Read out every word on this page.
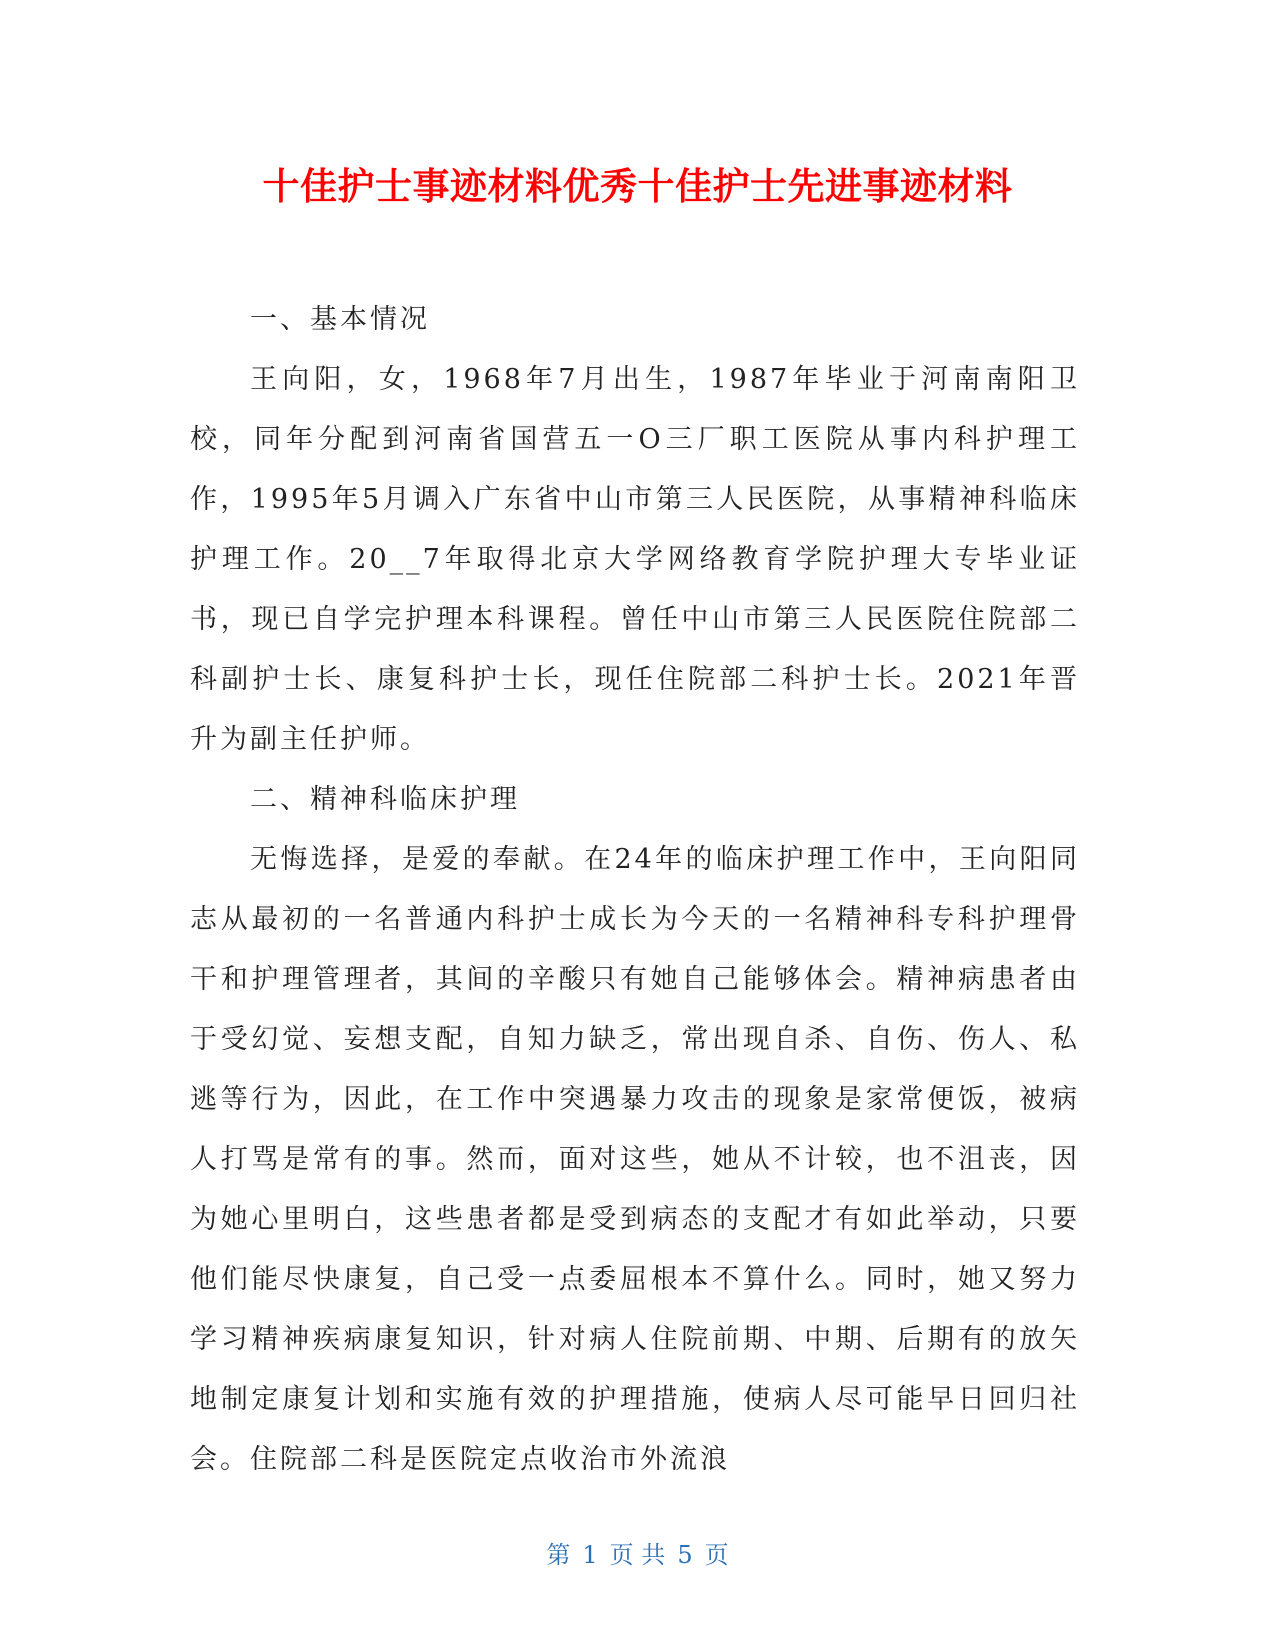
十佳护士事迹材料优秀十佳护士先进事迹材料

一、基本情况

王向阳，女，1968年7月出生，1987年毕业于河南南阳卫校，同年分配到河南省国营五一O三厂职工医院从事内科护理工作，1995年5月调入广东省中山市第三人民医院，从事精神科临床护理工作。20__7年取得北京大学网络教育学院护理大专毕业证书，现已自学完护理本科课程。曾任中山市第三人民医院住院部二科副护士长、康复科护士长，现任住院部二科护士长。2021年晋升为副主任护师。

二、精神科临床护理

无悔选择，是爱的奉献。在24年的临床护理工作中，王向阳同志从最初的一名普通内科护士成长为今天的一名精神科专科护理骨干和护理管理者，其间的辛酸只有她自己能够体会。精神病患者由于受幻觉、妄想支配，自知力缺乏，常出现自杀、自伤、伤人、私逃等行为，因此，在工作中突遇暴力攻击的现象是家常便饭，被病人打骂是常有的事。然而，面对这些，她从不计较，也不沮丧，因为她心里明白，这些患者都是受到病态的支配才有如此举动，只要他们能尽快康复，自己受一点委屈根本不算什么。同时，她又努力学习精神疾病康复知识，针对病人住院前期、中期、后期有的放矢地制定康复计划和实施有效的护理措施，使病人尽可能早日回归社会。住院部二科是医院定点收治市外流浪

第 1 页 共 5 页
